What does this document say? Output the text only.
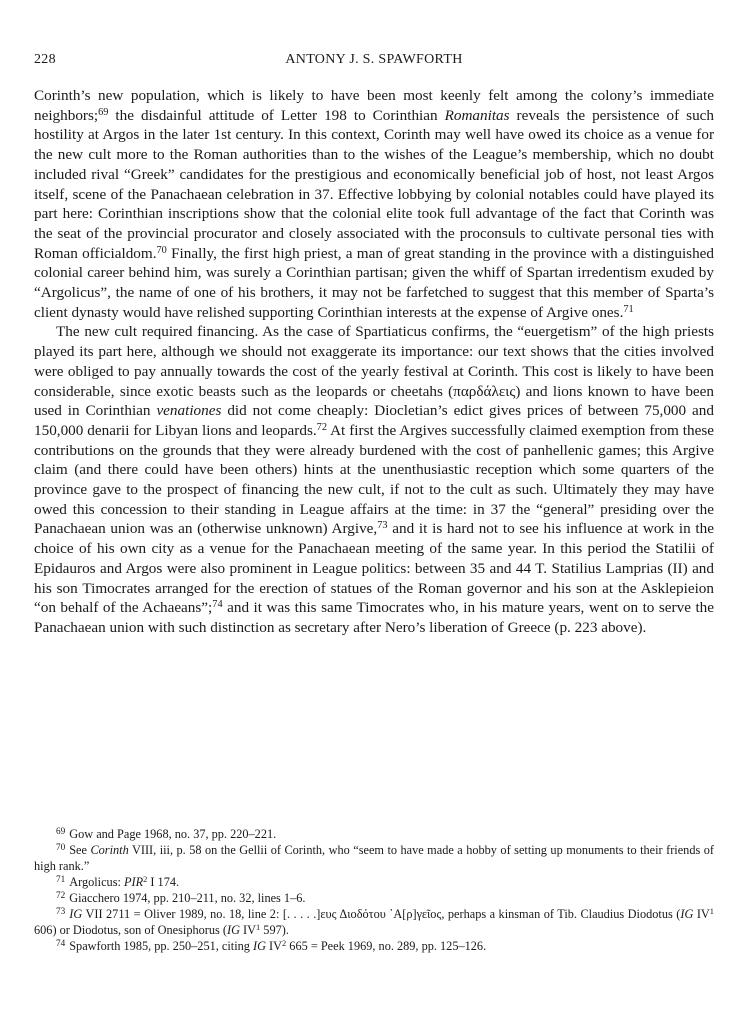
228	ANTONY J. S. SPAWFORTH

Corinth’s new population, which is likely to have been most keenly felt among the colony’s immediate neighbors;$^{69}$ the disdainful attitude of Letter 198 to Corinthian Romanitas reveals the persistence of such hostility at Argos in the later 1st century. In this context, Corinth may well have owed its choice as a venue for the new cult more to the Roman authorities than to the wishes of the League’s membership, which no doubt included rival “Greek” candidates for the prestigious and economically beneficial job of host, not least Argos itself, scene of the Panachaean celebration in 37. Effective lobbying by colonial notables could have played its part here: Corinthian inscriptions show that the colonial elite took full advantage of the fact that Corinth was the seat of the provincial procurator and closely associated with the proconsuls to cultivate personal ties with Roman officialdom.$^{70}$ Finally, the first high priest, a man of great standing in the province with a distinguished colonial career behind him, was surely a Corinthian partisan; given the whiff of Spartan irredentism exuded by “Argolicus”, the name of one of his brothers, it may not be farfetched to suggest that this member of Sparta’s client dynasty would have relished supporting Corinthian interests at the expense of Argive ones.$^{71}$

The new cult required financing. As the case of Spartiaticus confirms, the “euergetism” of the high priests played its part here, although we should not exaggerate its importance: our text shows that the cities involved were obliged to pay annually towards the cost of the yearly festival at Corinth. This cost is likely to have been considerable, since exotic beasts such as the leopards or cheetahs (παρδάλεις) and lions known to have been used in Corinthian venationes did not come cheaply: Diocletian’s edict gives prices of between 75,000 and 150,000 denarii for Libyan lions and leopards.$^{72}$ At first the Argives successfully claimed exemption from these contributions on the grounds that they were already burdened with the cost of panhellenic games; this Argive claim (and there could have been others) hints at the unenthusiastic reception which some quarters of the province gave to the prospect of financing the new cult, if not to the cult as such. Ultimately they may have owed this concession to their standing in League affairs at the time: in 37 the “general” presiding over the Panachaean union was an (otherwise unknown) Argive,$^{73}$ and it is hard not to see his influence at work in the choice of his own city as a venue for the Panachaean meeting of the same year. In this period the Statilii of Epidauros and Argos were also prominent in League politics: between 35 and 44 T. Statilius Lamprias (II) and his son Timocrates arranged for the erection of statues of the Roman governor and his son at the Asklepieion “on behalf of the Achaeans”;$^{74}$ and it was this same Timocrates who, in his mature years, went on to serve the Panachaean union with such distinction as secretary after Nero’s liberation of Greece (p. 223 above).

$^{69}$ Gow and Page 1968, no. 37, pp. 220–221.

$^{70}$ See Corinth VIII, iii, p. 58 on the Gellii of Corinth, who “seem to have made a hobby of setting up monuments to their friends of high rank.”

$^{71}$ Argolicus: PIR$^2$ I 174.

$^{72}$ Giacchero 1974, pp. 210–211, no. 32, lines 1–6.

$^{73}$ IG VII 2711 = Oliver 1989, no. 18, line 2: [. . . . .]ευς Διοδότου ᾿Α[ρ]γεῖος, perhaps a kinsman of Tib. Claudius Diodotus (IG $IV^1$ 606) or Diodotus, son of Onesiphorus (IG $IV^1$ 597).

$^{74}$ Spawforth 1985, pp. 250–251, citing IG $IV^2$ 665 = Peek 1969, no. 289, pp. 125–126.
